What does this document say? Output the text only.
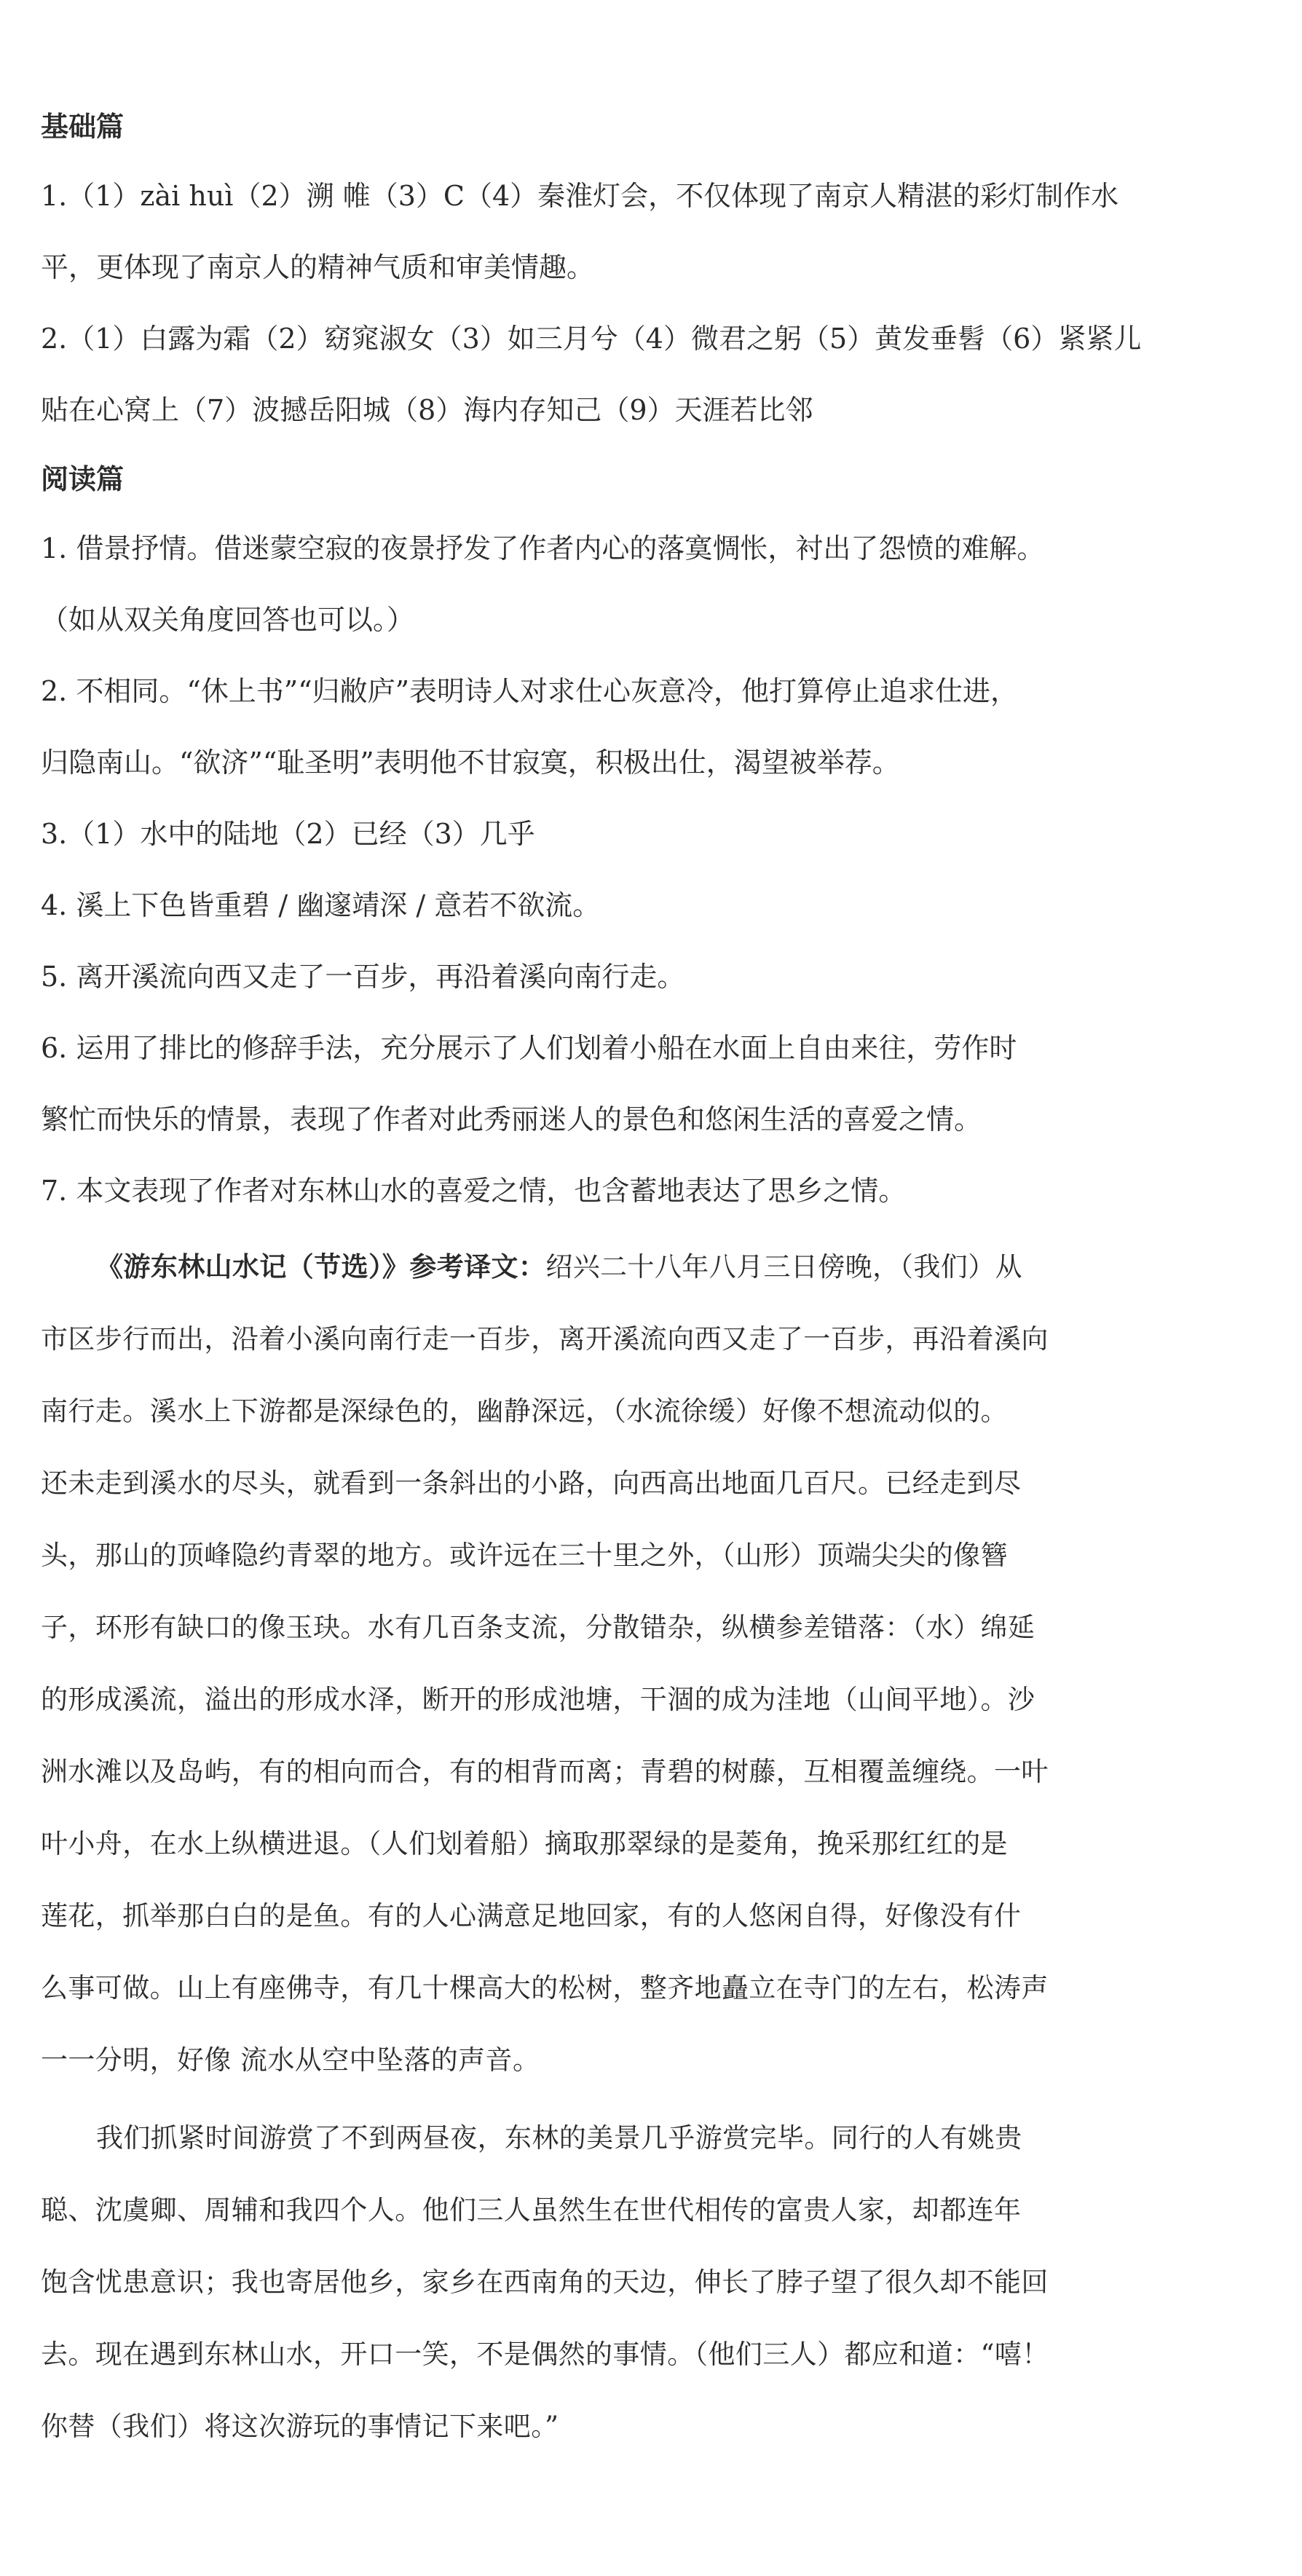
基础篇
1.（1）zài huì（2）溯 帷（3）C（4）秦淮灯会，不仅体现了南京人精湛的彩灯制作水
平，更体现了南京人的精神气质和审美情趣。
2.（1）白露为霜（2）窈窕淑女（3）如三月兮（4）微君之躬（5）黄发垂髫（6）紧紧儿
贴在心窝上（7）波撼岳阳城（8）海内存知己（9）天涯若比邻
阅读篇
1. 借景抒情。借迷蒙空寂的夜景抒发了作者内心的落寞惆怅，衬出了怨愤的难解。
（如从双关角度回答也可以。）
2. 不相同。“休上书”“归敝庐”表明诗人对求仕心灰意冷，他打算停止追求仕进，
归隐南山。“欲济”“耻圣明”表明他不甘寂寞，积极出仕，渴望被举荐。
3.（1）水中的陆地（2）已经（3）几乎
4. 溪上下色皆重碧 / 幽邃靖深 / 意若不欲流。
5. 离开溪流向西又走了一百步，再沿着溪向南行走。
6. 运用了排比的修辞手法，充分展示了人们划着小船在水面上自由来往，劳作时
繁忙而快乐的情景，表现了作者对此秀丽迷人的景色和悠闲生活的喜爱之情。
7. 本文表现了作者对东林山水的喜爱之情，也含蓄地表达了思乡之情。
《游东林山水记（节选）》参考译文：绍兴二十八年八月三日傍晚，（我们）从
市区步行而出，沿着小溪向南行走一百步，离开溪流向西又走了一百步，再沿着溪向
南行走。溪水上下游都是深绿色的，幽静深远，（水流徐缓）好像不想流动似的。
还未走到溪水的尽头，就看到一条斜出的小路，向西高出地面几百尺。已经走到尽
头，那山的顶峰隐约青翠的地方。或许远在三十里之外，（山形）顶端尖尖的像簪
子，环形有缺口的像玉玦。水有几百条支流，分散错杂，纵横参差错落：（水）绵延
的形成溪流，溢出的形成水泽，断开的形成池塘，干涸的成为洼地（山间平地）。沙
洲水滩以及岛屿，有的相向而合，有的相背而离；青碧的树藤，互相覆盖缠绕。一叶
叶小舟，在水上纵横进退。（人们划着船）摘取那翠绿的是菱角，挽采那红红的是
莲花，抓举那白白的是鱼。有的人心满意足地回家，有的人悠闲自得，好像没有什
么事可做。山上有座佛寺，有几十棵高大的松树，整齐地矗立在寺门的左右，松涛声
一一分明，好像 流水从空中坠落的声音。
我们抓紧时间游赏了不到两昼夜，东林的美景几乎游赏完毕。同行的人有姚贵
聪、沈虞卿、周辅和我四个人。他们三人虽然生在世代相传的富贵人家，却都连年
饱含忧患意识；我也寄居他乡，家乡在西南角的天边，伸长了脖子望了很久却不能回
去。现在遇到东林山水，开口一笑，不是偶然的事情。（他们三人）都应和道：“嘻！
你替（我们）将这次游玩的事情记下来吧。”
